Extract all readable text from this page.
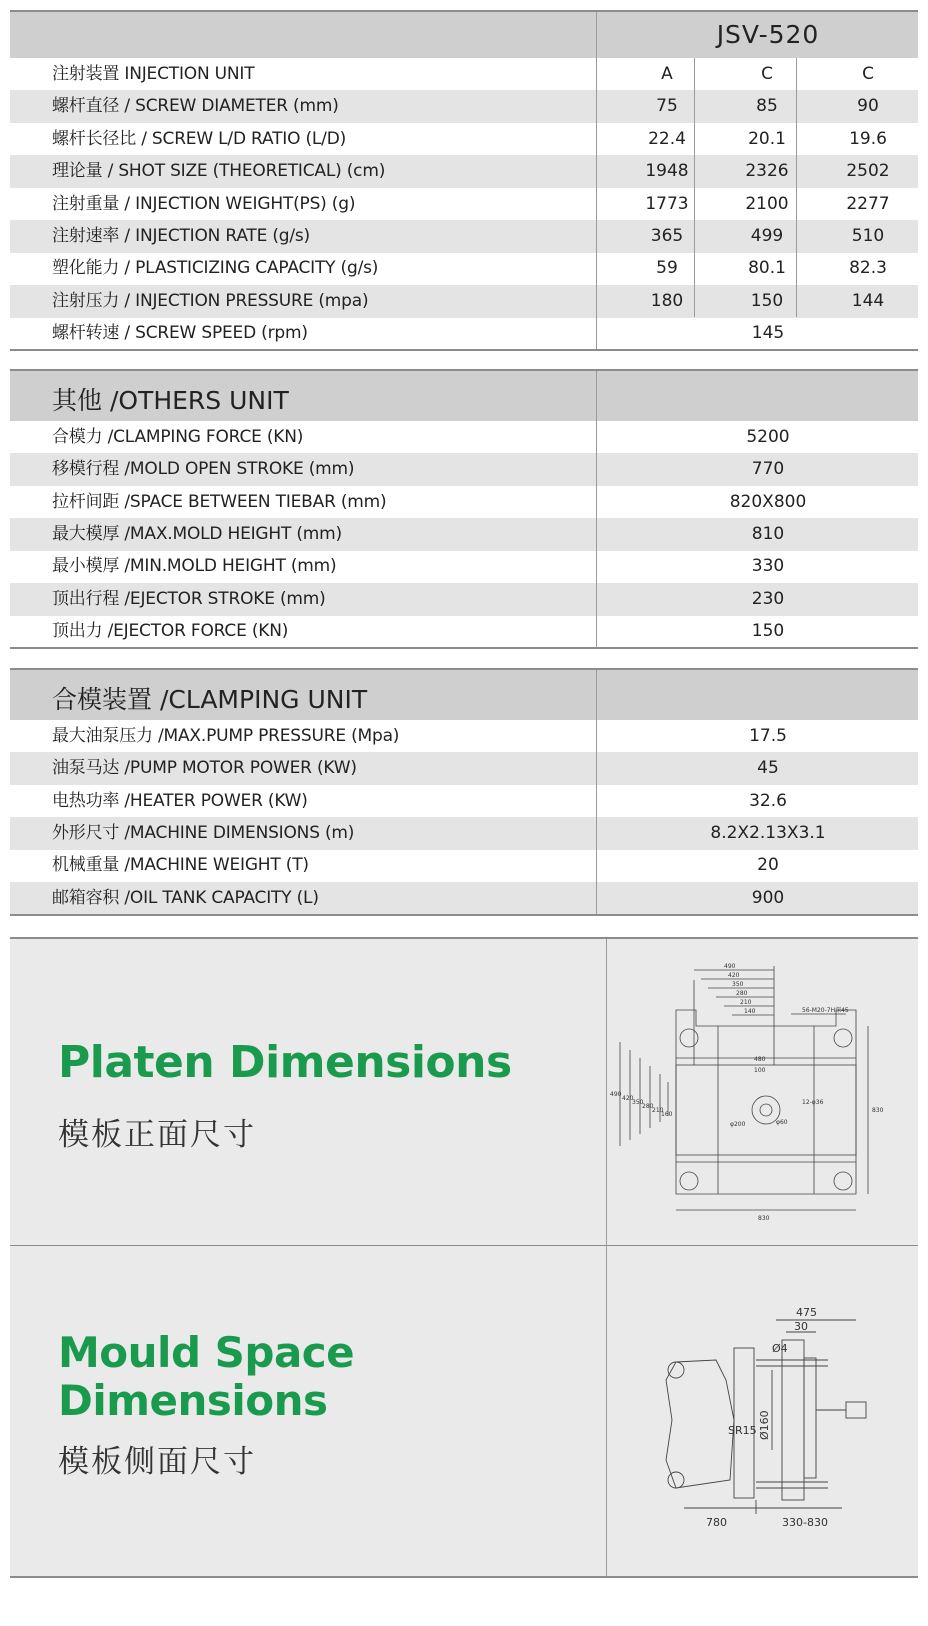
JSV-520
注射装置 INJECTION UNIT	A	C	C
螺杆直径 / SCREW DIAMETER (mm)	75	85	90
螺杆长径比 / SCREW L/D RATIO (L/D)	22.4	20.1	19.6
理论量 / SHOT SIZE (THEORETICAL) (cm)	1948	2326	2502
注射重量 / INJECTION WEIGHT(PS) (g)	1773	2100	2277
注射速率 / INJECTION RATE (g/s)	365	499	510
塑化能力 / PLASTICIZING CAPACITY (g/s)	59	80.1	82.3
注射压力 / INJECTION PRESSURE (mpa)	180	150	144
螺杆转速 / SCREW SPEED (rpm)	145
其他 /OTHERS UNIT
合模力 /CLAMPING FORCE (KN)	5200
移模行程 /MOLD OPEN STROKE (mm)	770
拉杆间距 /SPACE BETWEEN TIEBAR (mm)	820X800
最大模厚 /MAX.MOLD HEIGHT (mm)	810
最小模厚 /MIN.MOLD HEIGHT (mm)	330
顶出行程 /EJECTOR STROKE (mm)	230
顶出力 /EJECTOR FORCE (KN)	150
合模装置 /CLAMPING UNIT
最大油泵压力 /MAX.PUMP PRESSURE (Mpa)	17.5
油泵马达 /PUMP MOTOR POWER (KW)	45
电热功率 /HEATER POWER (KW)	32.6
外形尺寸 /MACHINE DIMENSIONS (m)	8.2X2.13X3.1
机械重量 /MACHINE WEIGHT (T)	20
邮箱容积 /OIL TANK CAPACITY (L)	900
Platen Dimensions
模板正面尺寸
490
420
350
280
210
140	56-M20-7H深45
480
100
12-φ36
φ200	φ60
830
830
490
420
350
280
210
160
Mould Space
Dimensions
模板侧面尺寸
475
30
Ø4
Ø160
SR15
780	330-830
